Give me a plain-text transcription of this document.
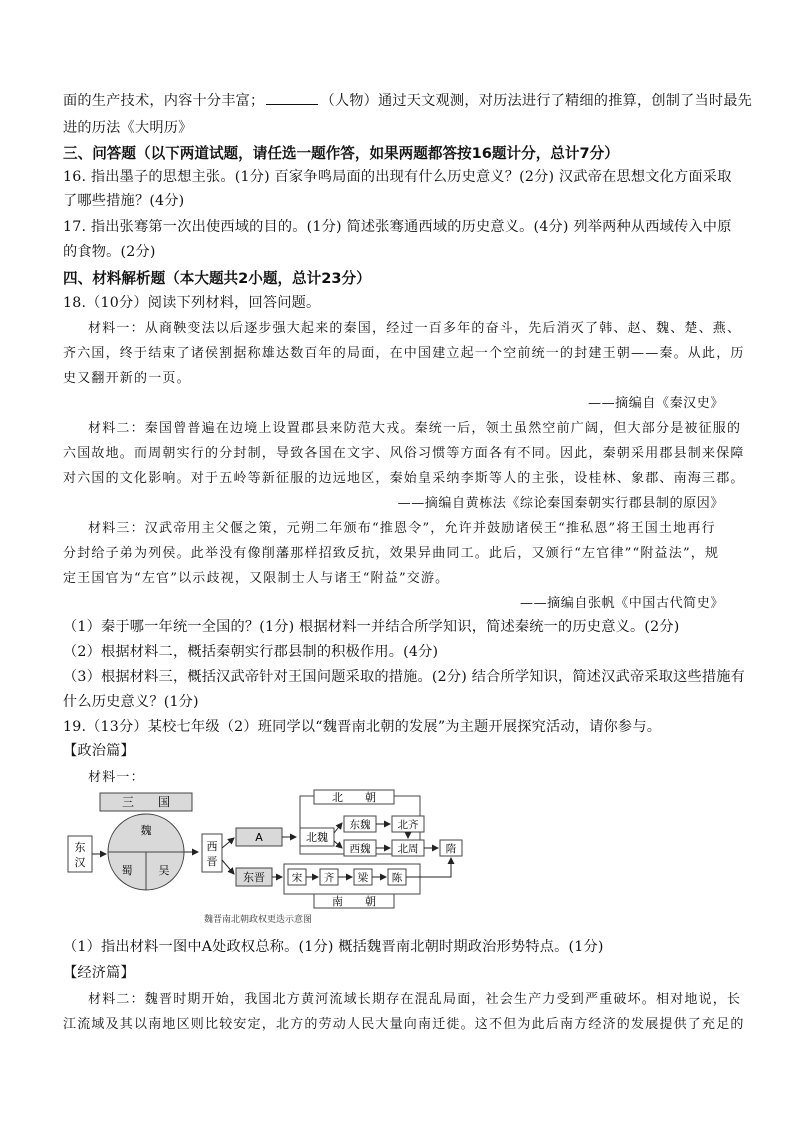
面的生产技术，内容十分丰富；	（人物）通过天文观测，对历法进行了精细的推算，创制了当时最先
进的历法《大明历》
三、问答题（以下两道试题，请任选一题作答，如果两题都答按16题计分，总计7分）
16. 指出墨子的思想主张。(1分) 百家争鸣局面的出现有什么历史意义？(2分) 汉武帝在思想文化方面采取
了哪些措施？(4分)
17. 指出张骞第一次出使西域的目的。(1分) 简述张骞通西域的历史意义。(4分) 列举两种从西域传入中原
的食物。(2分)
四、材料解析题（本大题共2小题，总计23分）
18.（10分）阅读下列材料，回答问题。
材料一：从商鞅变法以后逐步强大起来的秦国，经过一百多年的奋斗，先后消灭了韩、赵、魏、楚、燕、
齐六国，终于结束了诸侯割据称雄达数百年的局面，在中国建立起一个空前统一的封建王朝——秦。从此，历
史又翻开新的一页。
——摘编自《秦汉史》
材料二：秦国曾普遍在边境上设置郡县来防范大戎。秦统一后，领土虽然空前广阔，但大部分是被征服的
六国故地。而周朝实行的分封制，导致各国在文字、风俗习惯等方面各有不同。因此，秦朝采用郡县制来保障
对六国的文化影响。对于五岭等新征服的边远地区，秦始皇采纳李斯等人的主张，设桂林、象郡、南海三郡。
——摘编自黄栋法《综论秦国秦朝实行郡县制的原因》
材料三：汉武帝用主父偃之策，元朔二年颁布“推恩令”，允许并鼓励诸侯王“推私恩”将王国土地再行
分封给子弟为列侯。此举没有像削藩那样招致反抗，效果异曲同工。此后，又颁行“左官律”“附益法”，规
定王国官为“左官”以示歧视，又限制士人与诸王“附益”交游。
——摘编自张帆《中国古代简史》
（1）秦于哪一年统一全国的？(1分) 根据材料一并结合所学知识，简述秦统一的历史意义。(2分)
（2）根据材料二，概括秦朝实行郡县制的积极作用。(4分)
（3）根据材料三，概括汉武帝针对王国问题采取的措施。(2分) 结合所学知识，简述汉武帝采取这些措施有
什么历史意义？(1分)
19.（13分）某校七年级（2）班同学以“魏晋南北朝的发展”为主题开展探究活动，请你参与。
【政治篇】
材料一：
三　　国
东
汉
魏
蜀 吴
西
晋
北　　朝
A	北魏
东魏
西魏
北齐
北周	隋
东晋	宋 齐 梁 陈
南　　朝
魏晋南北朝政权更迭示意图
（1）指出材料一图中A处政权总称。(1分) 概括魏晋南北朝时期政治形势特点。(1分)
【经济篇】
材料二：魏晋时期开始，我国北方黄河流域长期存在混乱局面，社会生产力受到严重破坏。相对地说，长
江流域及其以南地区则比较安定，北方的劳动人民大量向南迁徙。这不但为此后南方经济的发展提供了充足的
